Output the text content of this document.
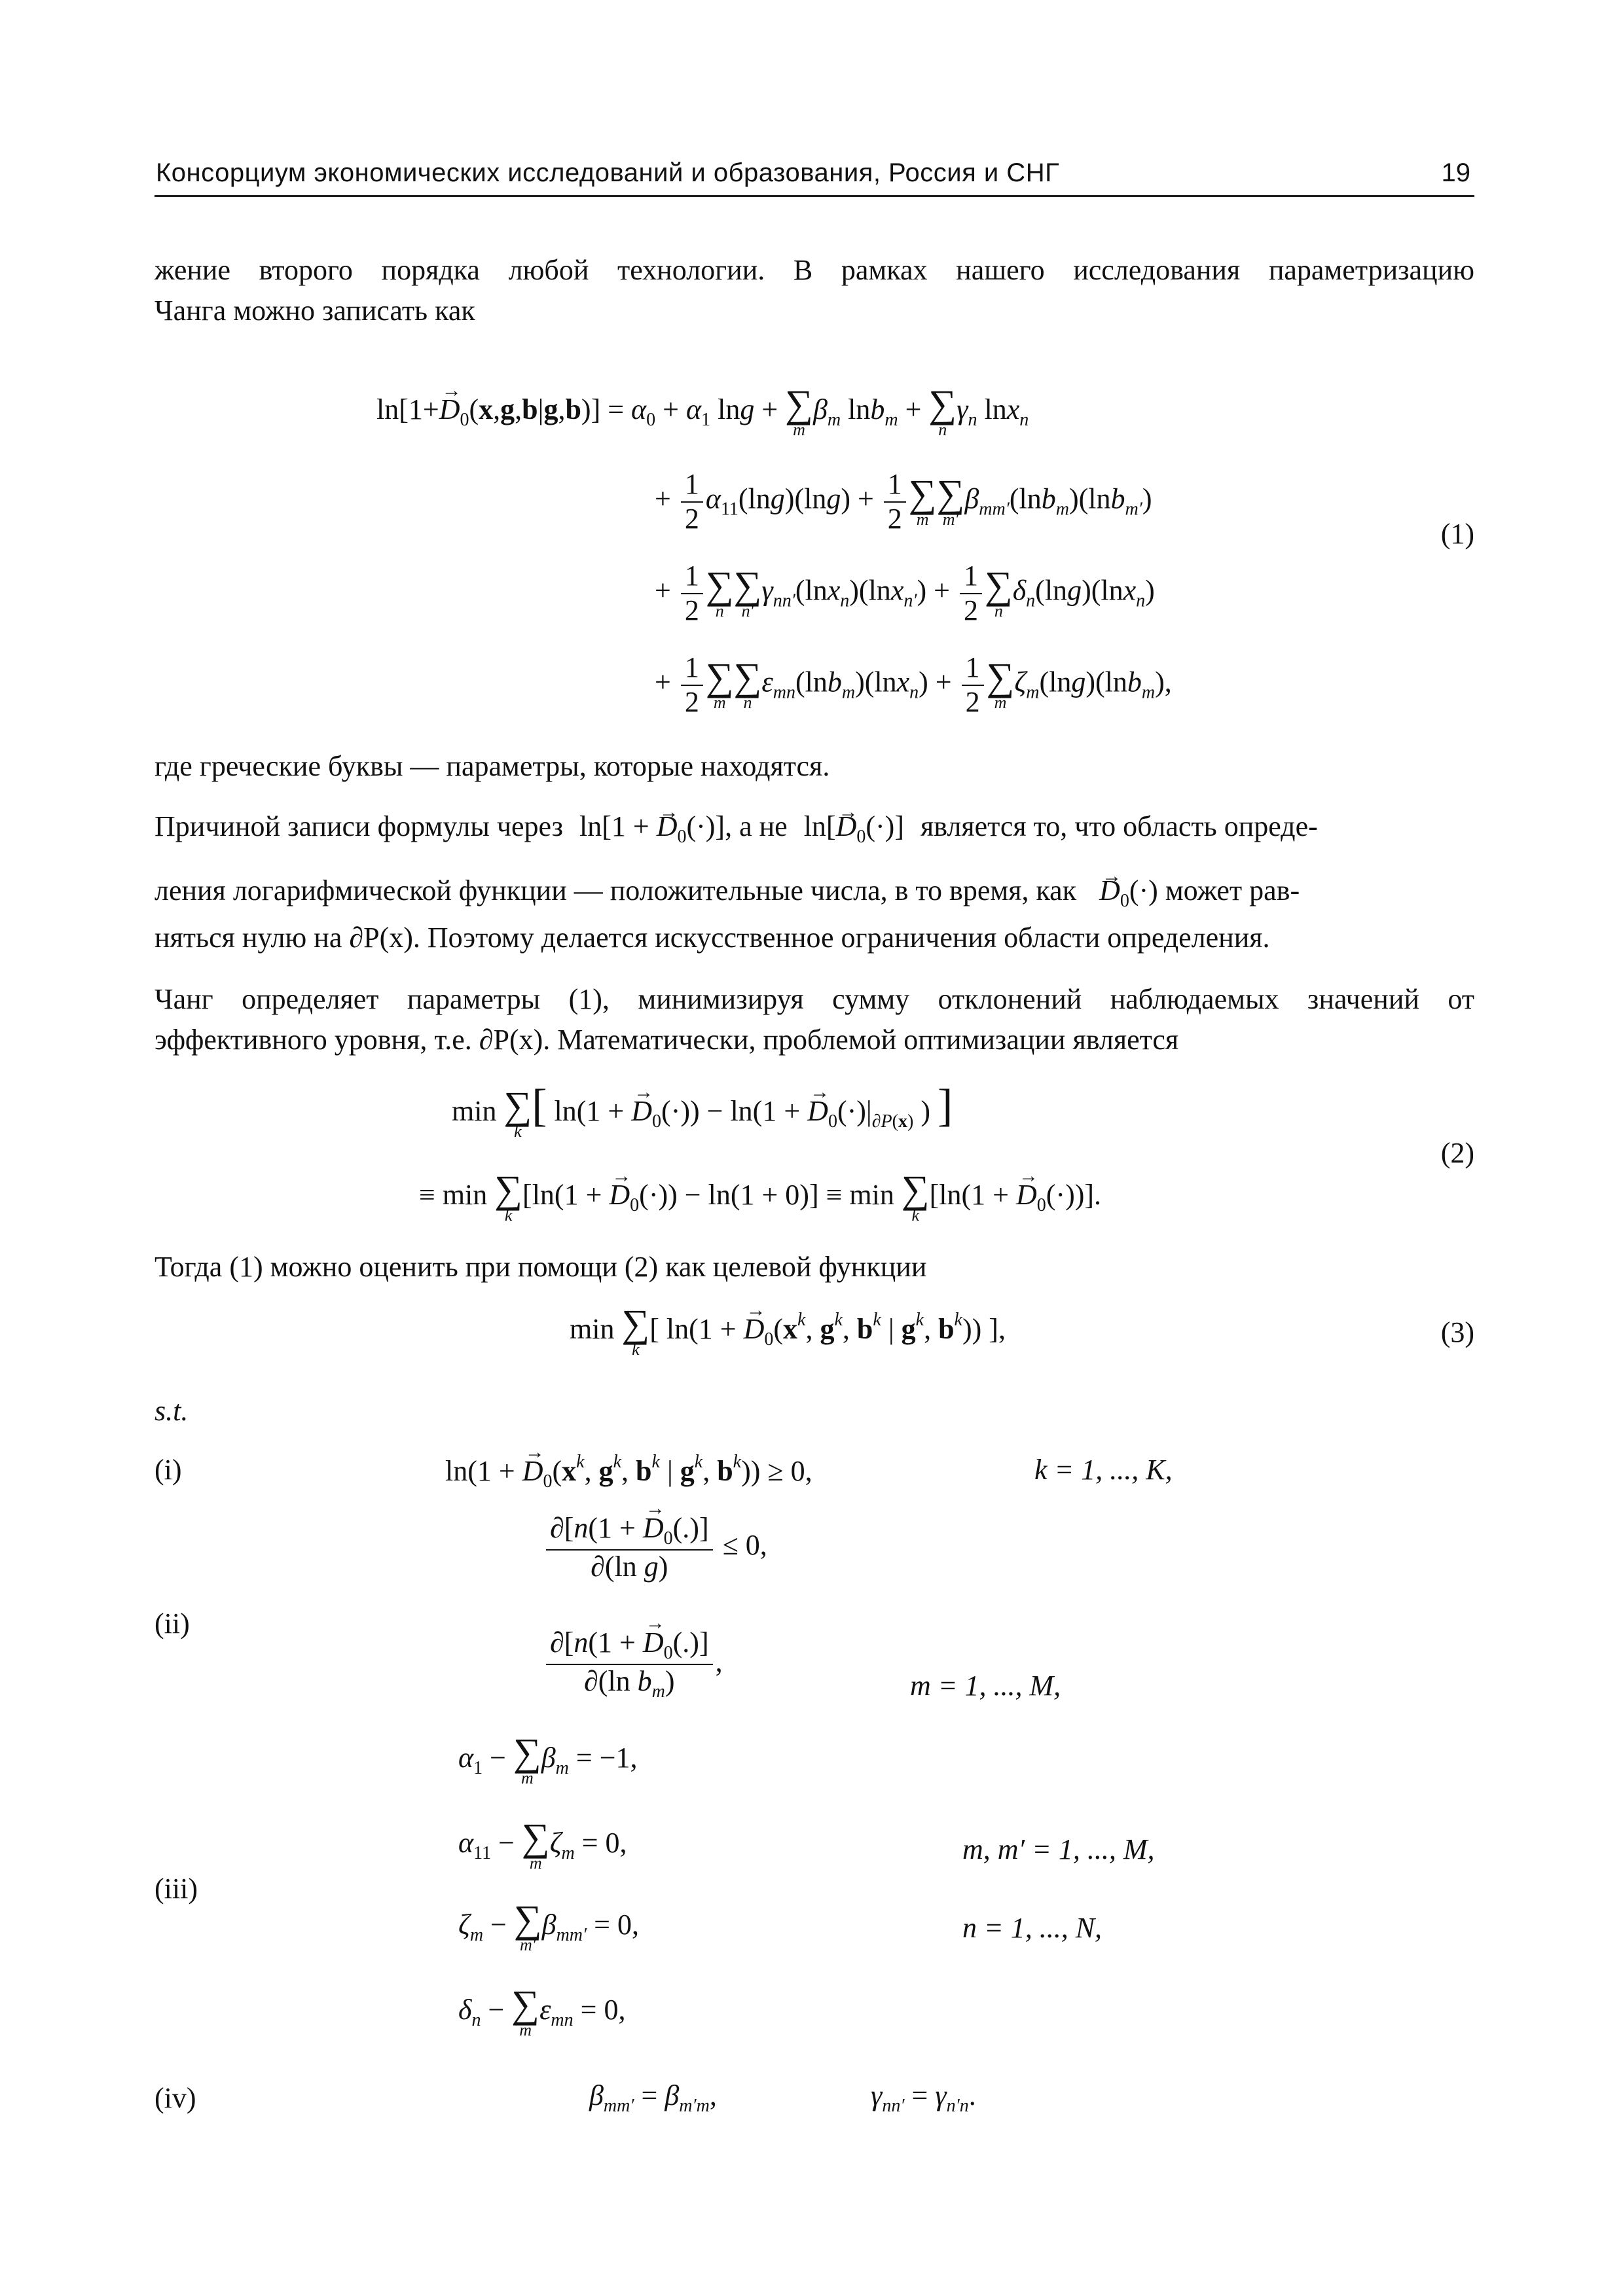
Консорциум экономических исследований и образования, Россия и СНГ	19

жение второго порядка любой технологии. В рамках нашего исследования параметризацию

Чанга можно записать как

$\ln[1+\to D_0(x,g,b|g,b)] = \alpha_0 + \alpha_1$ lng + ∑
m
$\beta_m$ lnb$_m$ + ∑
n
$\gamma_n$ lnx$_n$
+ $\frac{1}{2} \alpha_{11}(\ln g)(\ln g) + \frac{1}{2}$ ∑
m
∑
m′
$\beta_{mm'}(\ln b_m)(\ln b_{m'})$
(1)
+ $\frac{1}{2}$ ∑
n
∑
n′
$\gamma_{nn'}(\ln x_n)(\ln x_{n'}) + \frac{1}{2}$ ∑
n
$\delta_n(\ln g)(\ln x_n)$
+ $\frac{1}{2}$ ∑
m
∑
n
$\varepsilon_{mn}(\ln b_m)(\ln x_n) + \frac{1}{2}$ ∑
m
$\zeta_m(\ln g)(\ln b_m)$,

где греческие буквы — параметры, которые находятся.

Причиной записи формулы через ln[1 + → $D_0(\cdot)$], а не $\ln[\to D_0(\cdot)]$ является то, что область опреде-
ления логарифмической функции — положительные числа, в то время, как → $D_0(\cdot)$ может рав-

няться нулю на ∂P(x). Поэтому делается искусственное ограничения области определения.

Чанг определяет параметры (1), минимизируя сумму отклонений наблюдаемых значений от

эффективного уровня, т.е. ∂P(x). Математически, проблемой оптимизации является

min ∑
k
[ ln(1 + → $D_0(\cdot)) - \ln(1$ + → $D_0(\cdot)|_{\partial P(x)}$ ) ]
(2)
≡ min ∑
k
[ln(1 + → $D_0(\cdot)) - \ln(1 + 0)] \equiv \min$ ∑
k
[ln(1 + → $D_0(\cdot)$)].

Тогда (1) можно оценить при помощи (2) как целевой функции

min ∑
k
[ ln(1 + → $D_0(x^k$, $g^k$, $b^k$ | $g^k$, $b^k$)) ],	(3)
s.t.
(i)	ln(1 + → $D_0(x^k$, $g^k$, $b^k$ | $g^k$, $b^k)) \ge 0$,	k = 1, ..., K,
(ii)
$\frac{\partial[n(1 + \to D_0(.)]}{\text{∂(ln g)}} \le 0$,
$\frac{\partial[n(1 + \to D_0(.)]}{\partial(\ln b_m)}$ ,
m = 1, ..., M,
(iii)
$\alpha_1$ − ∑
m
$\beta_m = -1$,
$\alpha_{11}$ − ∑
m
$\zeta_m = 0$,	m, m′ = 1, ..., M,
$\zeta_m$ − ∑
m′
$\beta_{mm'} = 0$,	n = 1, ..., N,
$\delta_n$ − ∑
m
$\varepsilon_{mn} = 0$,
(iv)	$\beta_{mm'} = \beta_{m'm}$,	$\gamma_{nn'} = \gamma_{n'n}$.
